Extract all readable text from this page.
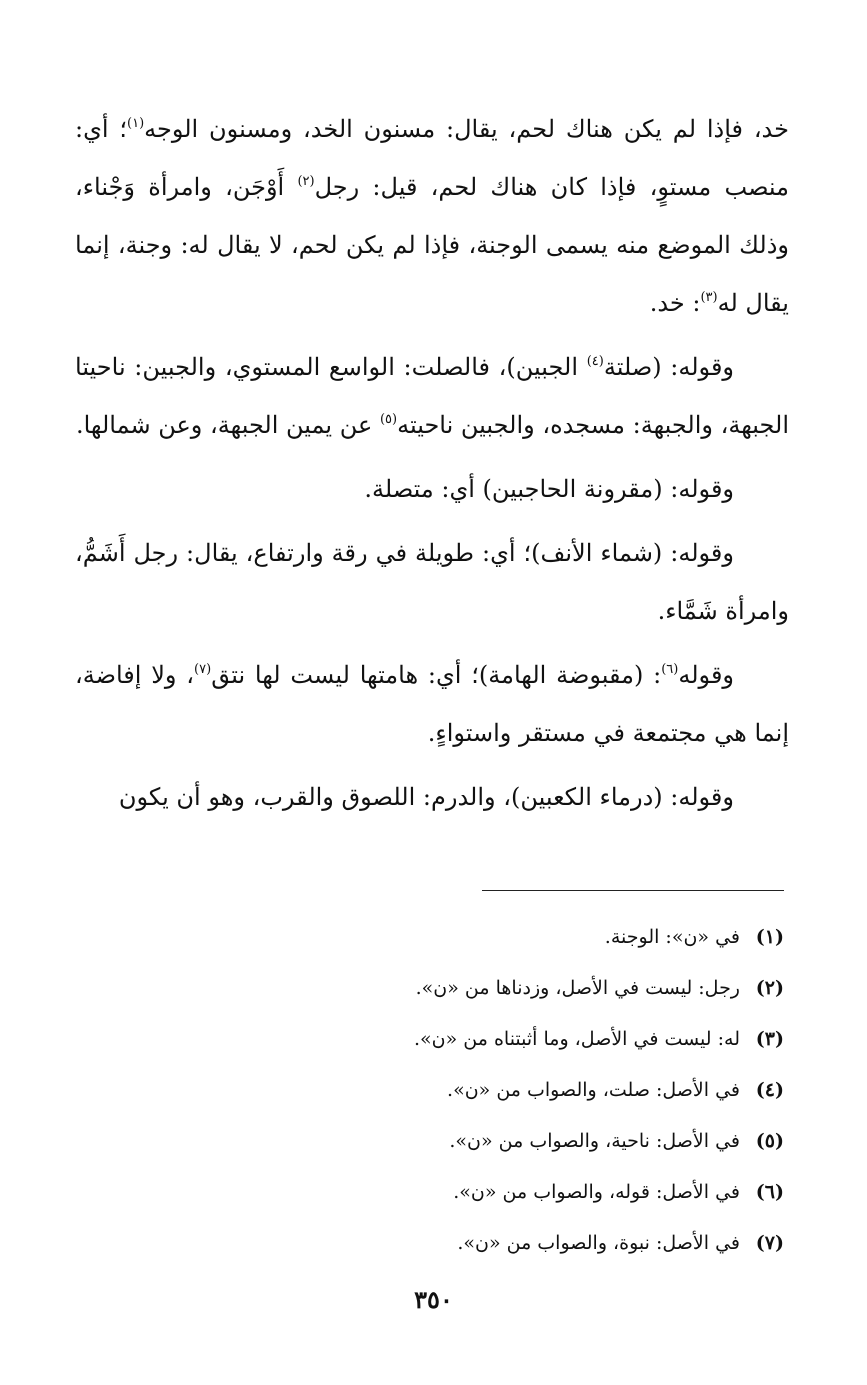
خد، فإذا لم يكن هناك لحم، يقال: مسنون الخد، ومسنون الوجه$^{(١)}$؛ أي: منصب مستوٍ، فإذا كان هناك لحم، قيل: رجل$^{(٢)}$ أَوْجَن، وامرأة وَجْناء، وذلك الموضع منه يسمى الوجنة، فإذا لم يكن لحم، لا يقال له: وجنة، إنما يقال له$^{(٣)}$: خد.

وقوله: (صلتة$^{(٤)}$ الجبين)، فالصلت: الواسع المستوي، والجبين: ناحيتا الجبهة، والجبهة: مسجده، والجبين ناحيته$^{(٥)}$ عن يمين الجبهة، وعن شمالها.

وقوله: (مقرونة الحاجبين) أي: متصلة.

وقوله: (شماء الأنف)؛ أي: طويلة في رقة وارتفاع، يقال: رجل أَشَمُّ، وامرأة شَمَّاء.

وقوله$^{(٦)}$: (مقبوضة الهامة)؛ أي: هامتها ليست لها نتق$^{(٧)}$، ولا إفاضة، إنما هي مجتمعة في مستقر واستواءٍ.

وقوله: (درماء الكعبين)، والدرم: اللصوق والقرب، وهو أن يكون

(١)في «ن»: الوجنة.
(٢)رجل: ليست في الأصل، وزدناها من «ن».
(٣)له: ليست في الأصل، وما أثبتناه من «ن».
(٤)في الأصل: صلت، والصواب من «ن».
(٥)في الأصل: ناحية، والصواب من «ن».
(٦)في الأصل: قوله، والصواب من «ن».
(٧)في الأصل: نبوة، والصواب من «ن».
٣٥٠
